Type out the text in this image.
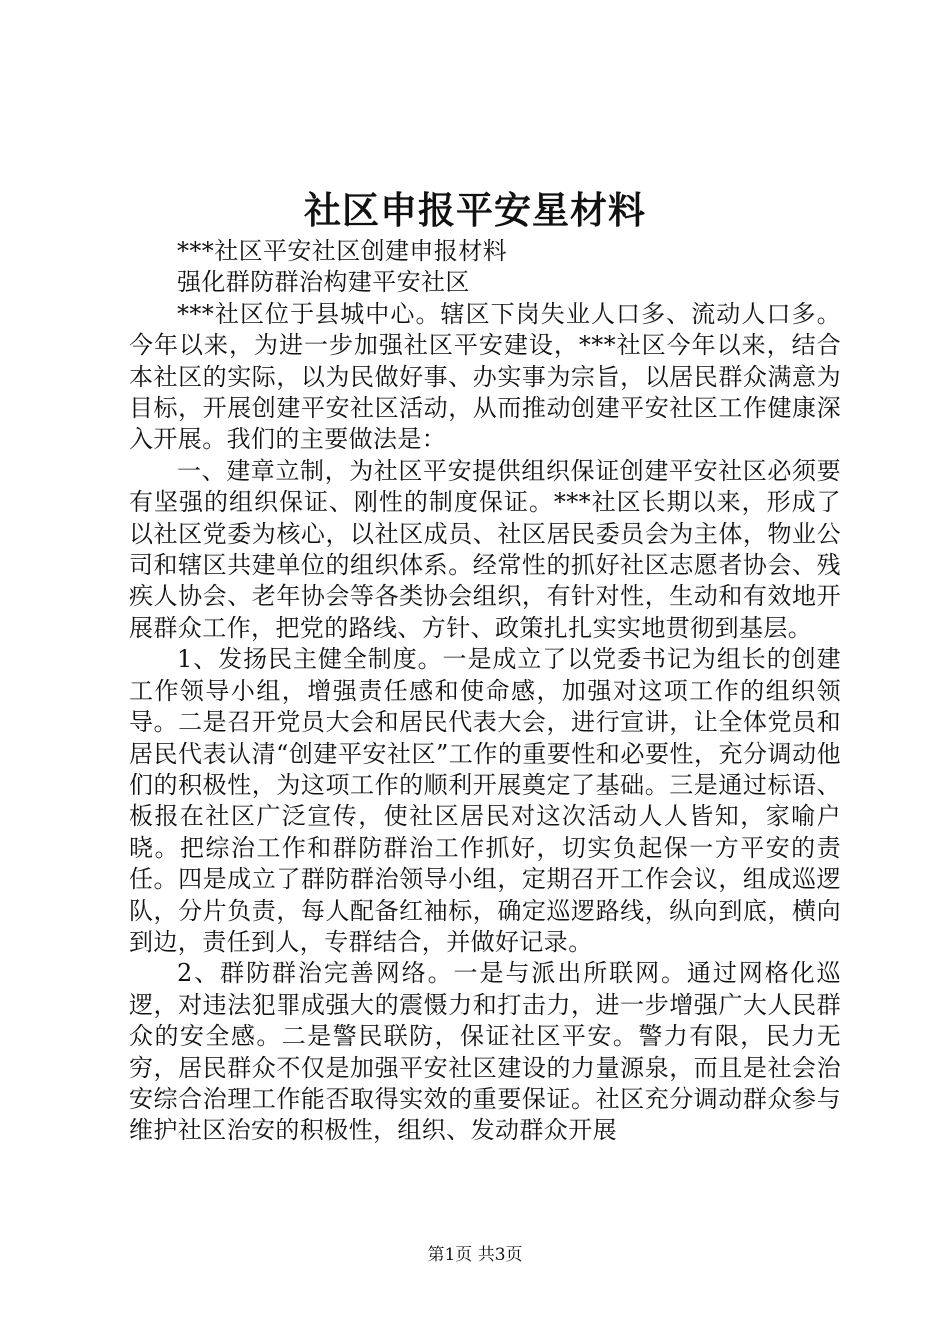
社区申报平安星材料

***社区平安社区创建申报材料

强化群防群治构建平安社区

***社区位于县城中心。辖区下岗失业人口多、流动人口多。今年以来，为进一步加强社区平安建设，***社区今年以来，结合本社区的实际，以为民做好事、办实事为宗旨，以居民群众满意为目标，开展创建平安社区活动，从而推动创建平安社区工作健康深入开展。我们的主要做法是：

一、建章立制，为社区平安提供组织保证创建平安社区必须要有坚强的组织保证、刚性的制度保证。***社区长期以来，形成了以社区党委为核心，以社区成员、社区居民委员会为主体，物业公司和辖区共建单位的组织体系。经常性的抓好社区志愿者协会、残疾人协会、老年协会等各类协会组织，有针对性，生动和有效地开展群众工作，把党的路线、方针、政策扎扎实实地贯彻到基层。

1、发扬民主健全制度。一是成立了以党委书记为组长的创建工作领导小组，增强责任感和使命感，加强对这项工作的组织领导。二是召开党员大会和居民代表大会，进行宣讲，让全体党员和居民代表认清“创建平安社区”工作的重要性和必要性，充分调动他们的积极性，为这项工作的顺利开展奠定了基础。三是通过标语、板报在社区广泛宣传，使社区居民对这次活动人人皆知，家喻户晓。把综治工作和群防群治工作抓好，切实负起保一方平安的责任。四是成立了群防群治领导小组，定期召开工作会议，组成巡逻队，分片负责，每人配备红袖标，确定巡逻路线，纵向到底，横向到边，责任到人，专群结合，并做好记录。

2、群防群治完善网络。一是与派出所联网。通过网格化巡逻，对违法犯罪成强大的震慑力和打击力，进一步增强广大人民群众的安全感。二是警民联防，保证社区平安。警力有限，民力无穷，居民群众不仅是加强平安社区建设的力量源泉，而且是社会治安综合治理工作能否取得实效的重要保证。社区充分调动群众参与维护社区治安的积极性，组织、发动群众开展

第1页 共3页
